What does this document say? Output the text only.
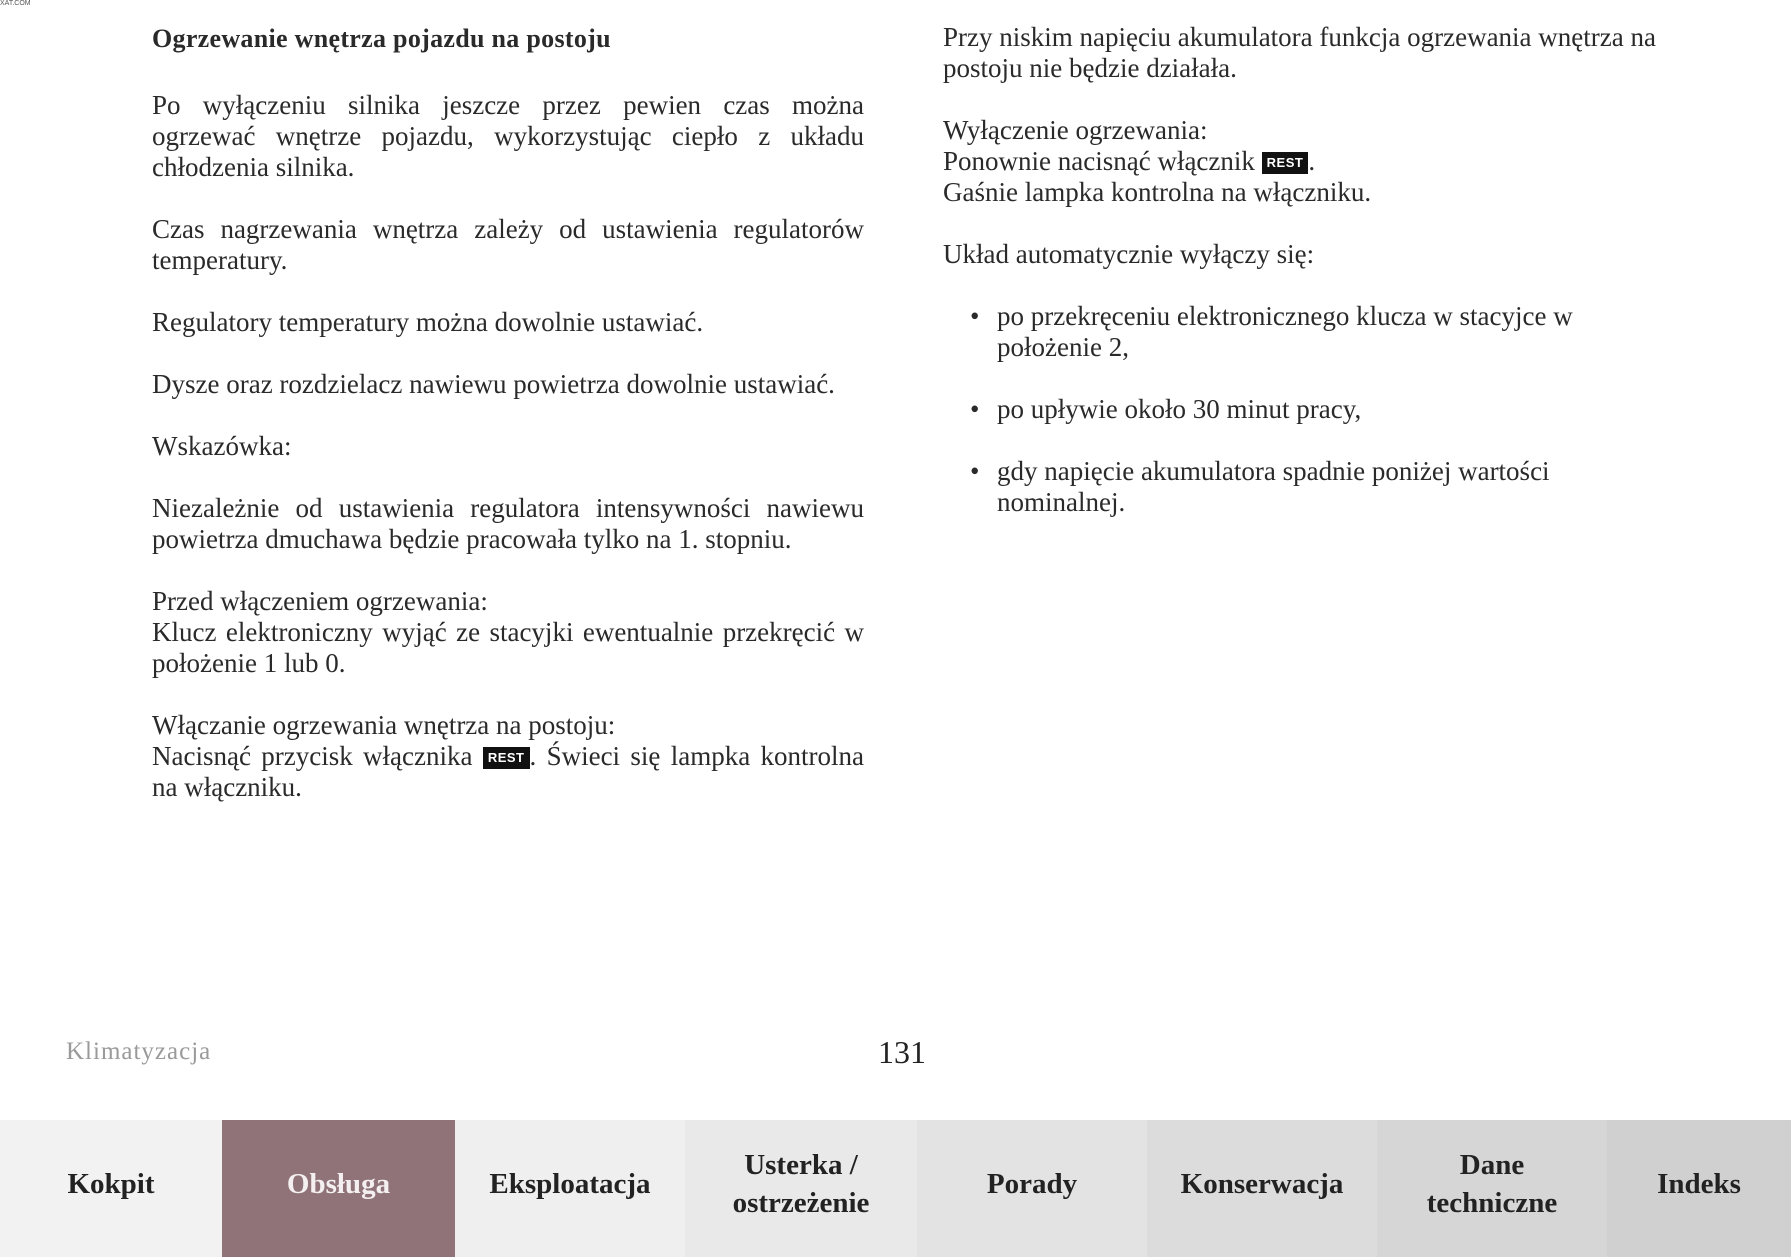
XAT.COM
Ogrzewanie wnętrza pojazdu na postoju

Po wyłączeniu silnika jeszcze przez pewien czas można ogrzewać wnętrze pojazdu, wykorzystując ciepło z układu chłodzenia silnika.

Czas nagrzewania wnętrza zależy od ustawienia regulatorów temperatury.

Regulatory temperatury można dowolnie ustawiać.

Dysze oraz rozdzielacz nawiewu powietrza dowolnie ustawiać.

Wskazówka:

Niezależnie od ustawienia regulatora intensywności nawiewu powietrza dmuchawa będzie pracowała tylko na 1. stopniu.

Przed włączeniem ogrzewania:
Klucz elektroniczny wyjąć ze stacyjki ewentualnie przekręcić w położenie 1 lub 0.

Włączanie ogrzewania wnętrza na postoju:
Nacisnąć przycisk włącznika REST . Świeci się lampka kontrolna na włączniku.

Przy niskim napięciu akumulatora funkcja ogrzewania wnętrza na postoju nie będzie działała.

Wyłączenie ogrzewania:
Ponownie nacisnąć włącznik REST .
Gaśnie lampka kontrolna na włączniku.

Układ automatycznie wyłączy się:

• po przekręceniu elektronicznego klucza w stacyjce w położenie 2,
• po upływie około 30 minut pracy,
• gdy napięcie akumulatora spadnie poniżej wartości nominalnej.
Klimatyzacja	131
Kokpit	Obsługa	Eksploatacja
Usterka /
ostrzeżenie
Porady	Konserwacja
Dane
techniczne
Indeks
